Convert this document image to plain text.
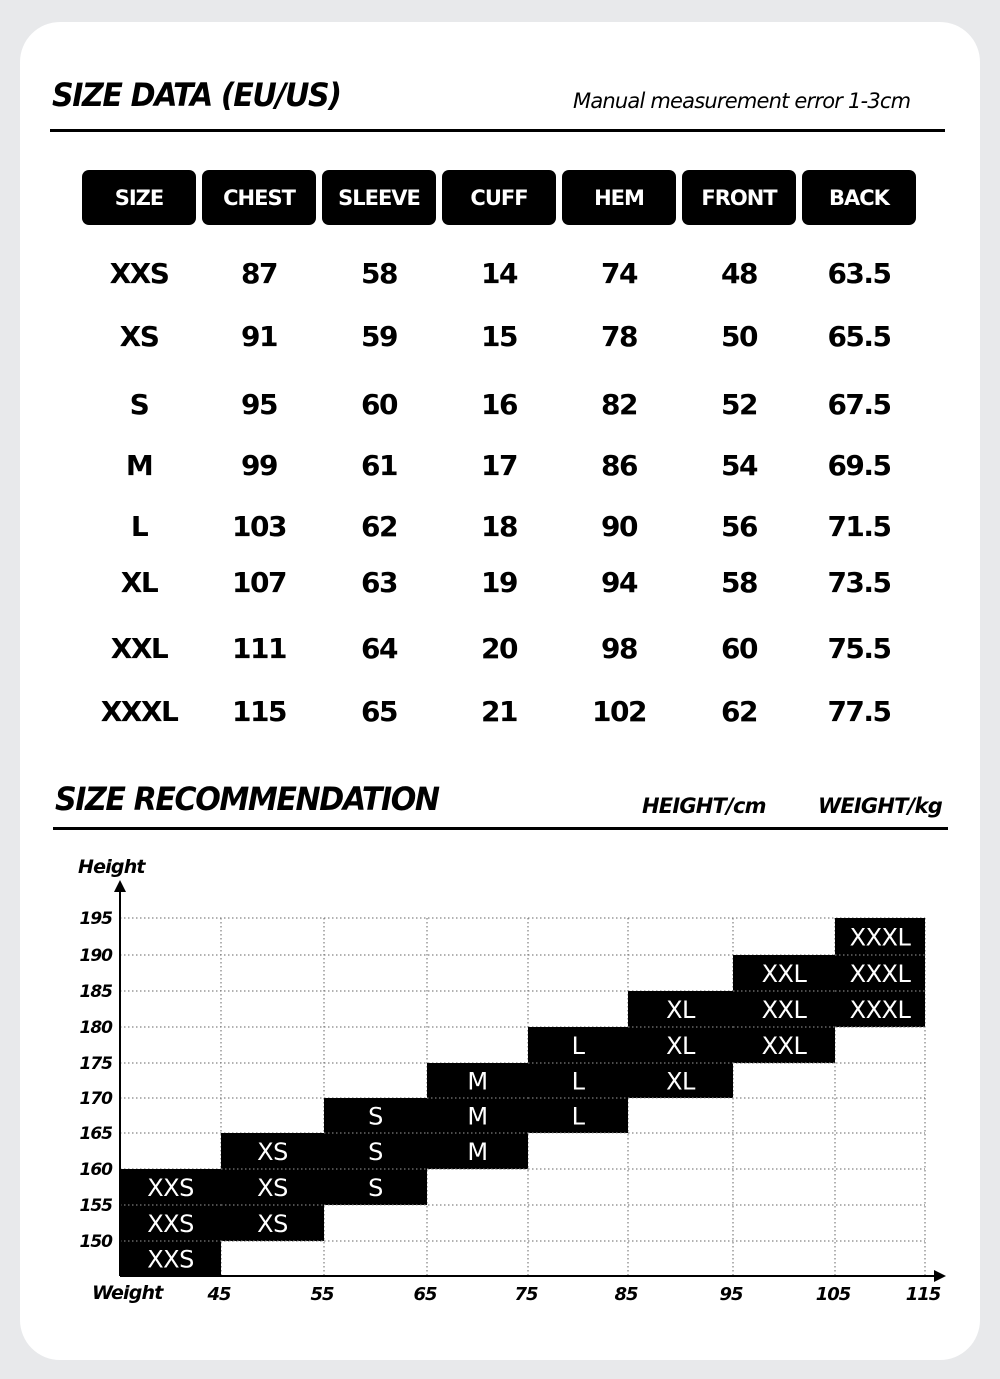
SIZE DATA (EU/US)	Manual measurement error 1-3cm
SIZE	CHEST	SLEEVE	CUFF	HEM	FRONT	BACK
XXS	87	58	14	74	48	63.5
XS	91	59	15	78	50	65.5
S	95	60	16	82	52	67.5
M	99	61	17	86	54	69.5
L	103	62	18	90	56	71.5
XL	107	63	19	94	58	73.5
XXL	111	64	20	98	60	75.5
XXXL	115	65	21	102	62	77.5
SIZE RECOMMENDATION	HEIGHT/cm WEIGHT/kg
XXS
XXS
XXS
XS
XS
XS
S
S
S
M
M
M
L
L
L
XL
XL
XL
XXL
XXL
XXL
XXXL
XXXL
XXXL
Height
Weight
195
190
185
180
175
170
165
160
155
150
45	55	65	75	85	95	105	115
